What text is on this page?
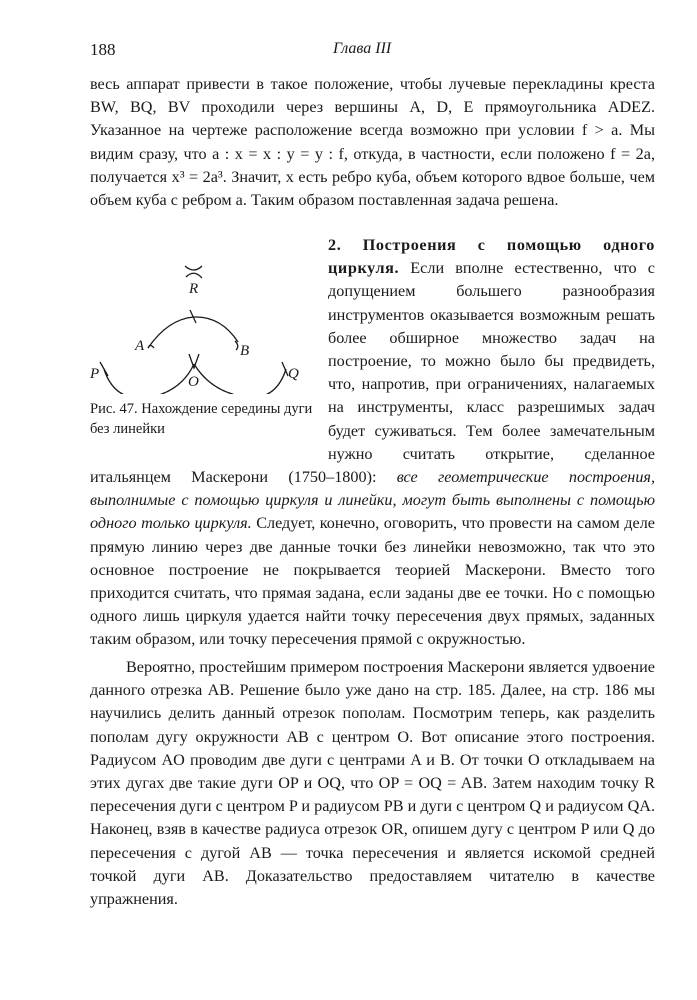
188	Глава III

весь аппарат привести в такое положение, чтобы лучевые перекладины креста BW, BQ, BV проходили через вершины A, D, E прямоугольника ADEZ. Указанное на чертеже расположение всегда возможно при условии f > a. Мы видим сразу, что a : x = x : y = y : f, откуда, в частности, если положено f = 2a, получается x³ = 2a³. Значит, x есть ребро куба, объем которого вдвое больше, чем объем куба с ребром a. Таким образом поставленная задача решена.

R
A	B
P	O	Q
Рис. 47. Нахождение середины дуги без линейки
2. Построения с помощью одного циркуля. Если вполне естественно, что с допущением большего разнообразия инструментов оказывается возможным решать более обширное множество задач на построение, то можно было бы предвидеть, что, напротив, при ограничениях, налагаемых на инструменты, класс разрешимых задач будет суживаться. Тем более замечательным нужно считать открытие, сделанное итальянцем Маскерони (1750–1800): все геометрические построения, выполнимые с помощью циркуля и линейки, могут быть выполнены с помощью одного только циркуля. Следует, конечно, оговорить, что провести на самом деле прямую линию через две данные точки без линейки невозможно, так что это основное построение не покрывается теорией Маскерони. Вместо того приходится считать, что прямая задана, если заданы две ее точки. Но с помощью одного лишь циркуля удается найти точку пересечения двух прямых, заданных таким образом, или точку пересечения прямой с окружностью.

Вероятно, простейшим примером построения Маскерони является удвоение данного отрезка AB. Решение было уже дано на стр. 185. Далее, на стр. 186 мы научились делить данный отрезок пополам. Посмотрим теперь, как разделить пополам дугу окружности AB с центром O. Вот описание этого построения. Радиусом AO проводим две дуги с центрами A и B. От точки O откладываем на этих дугах две такие дуги OP и OQ, что OP = OQ = AB. Затем находим точку R пересечения дуги с центром P и радиусом PB и дуги с центром Q и радиусом QA. Наконец, взяв в качестве радиуса отрезок OR, опишем дугу с центром P или Q до пересечения с дугой AB — точка пересечения и является искомой средней точкой дуги AB. Доказательство предоставляем читателю в качестве упражнения.
